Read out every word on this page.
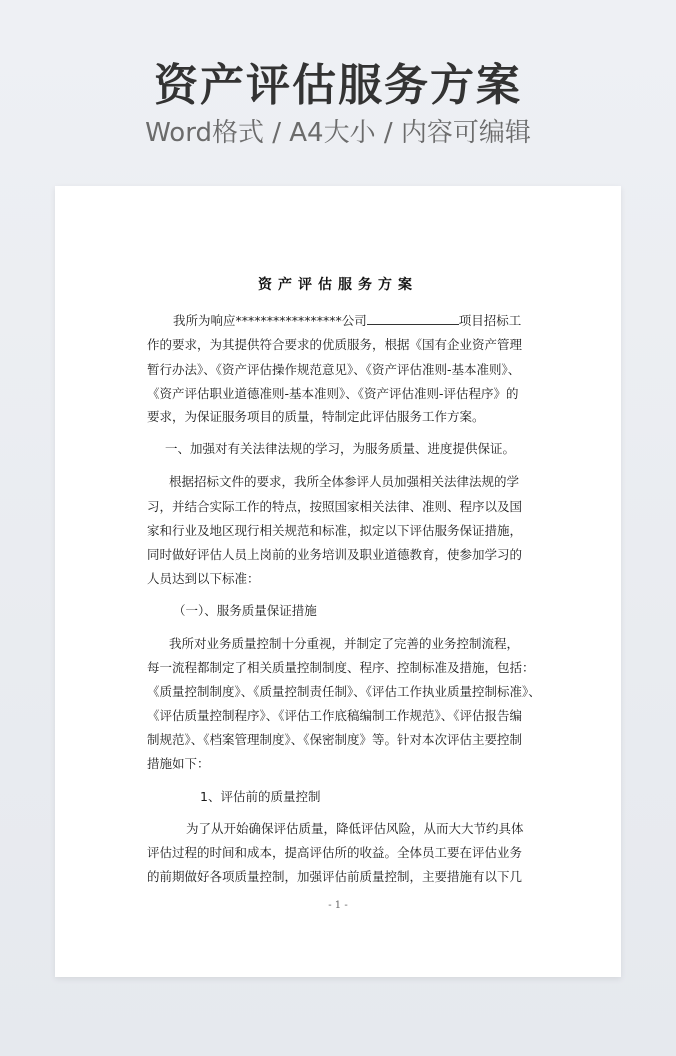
资产评估服务方案
Word格式 / A4大小 / 内容可编辑
资产评估服务方案
我所为响应*****************公司	项目招标工
作的要求，为其提供符合要求的优质服务，根据《国有企业资产管理
暂行办法》、《资产评估操作规范意见》、《资产评估准则-基本准则》、
《资产评估职业道德准则-基本准则》、《资产评估准则-评估程序》的
要求，为保证服务项目的质量，特制定此评估服务工作方案。
一、加强对有关法律法规的学习，为服务质量、进度提供保证。
根据招标文件的要求，我所全体参评人员加强相关法律法规的学
习，并结合实际工作的特点，按照国家相关法律、准则、程序以及国
家和行业及地区现行相关规范和标准，拟定以下评估服务保证措施，
同时做好评估人员上岗前的业务培训及职业道德教育，使参加学习的
人员达到以下标准：
（一）、服务质量保证措施
我所对业务质量控制十分重视，并制定了完善的业务控制流程，
每一流程都制定了相关质量控制制度、程序、控制标准及措施，包括：
《质量控制制度》、《质量控制责任制》、《评估工作执业质量控制标准》、
《评估质量控制程序》、《评估工作底稿编制工作规范》、《评估报告编
制规范》、《档案管理制度》、《保密制度》等。针对本次评估主要控制
措施如下：
1、评估前的质量控制
为了从开始确保评估质量，降低评估风险，从而大大节约具体
评估过程的时间和成本，提高评估所的收益。全体员工要在评估业务
的前期做好各项质量控制，加强评估前质量控制，主要措施有以下几
- 1 -
